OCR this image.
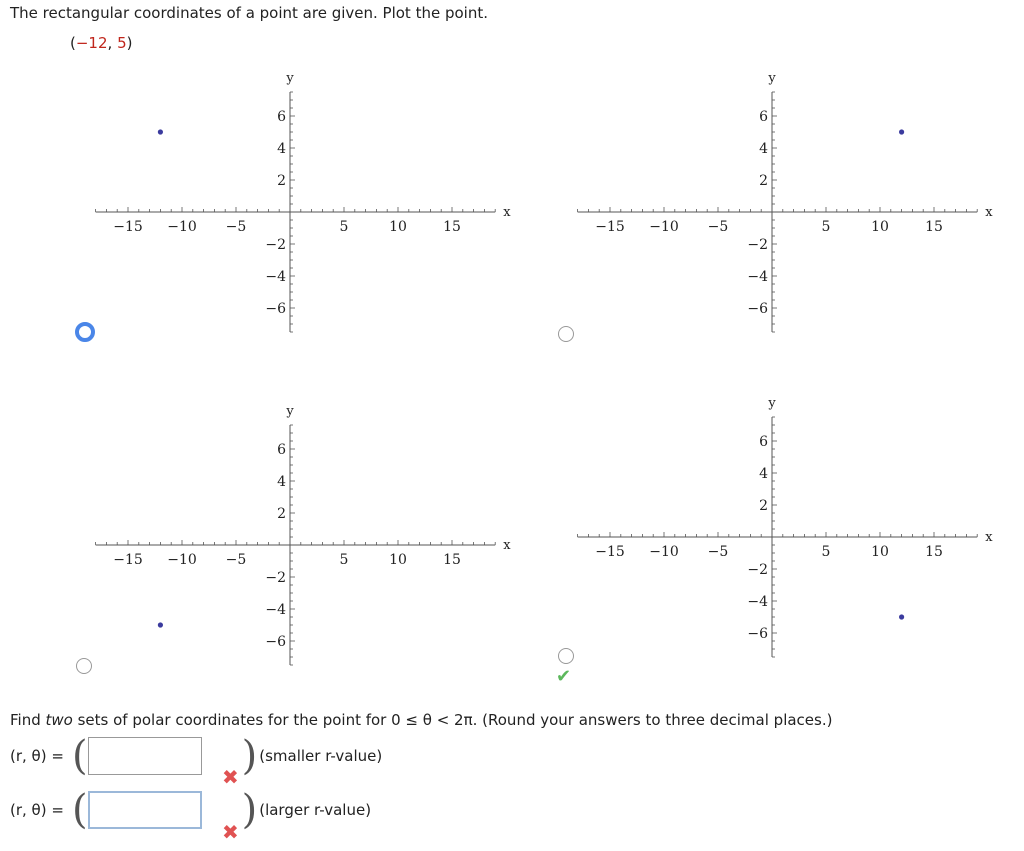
The rectangular coordinates of a point are given. Plot the point.
(−12, 5)
−15 −10 −5	5	10	15
6
4
2
−2
−4
−6
x
y
−15 −10 −5	5	10	15
6
4
2
−2
−4
−6
x
y
−15 −10 −5	5	10	15
6
4
2
−2
−4
−6
x
y
−15 −10 −5	5	10	15
6
4
2
−2
−4
−6
x
y
✔
Find two sets of polar coordinates for the point for 0 ≤ θ < 2π. (Round your answers to three decimal places.)
(r, θ) = (	) (smaller r-value)
✖
(r, θ) = (	) (larger r-value)
✖
